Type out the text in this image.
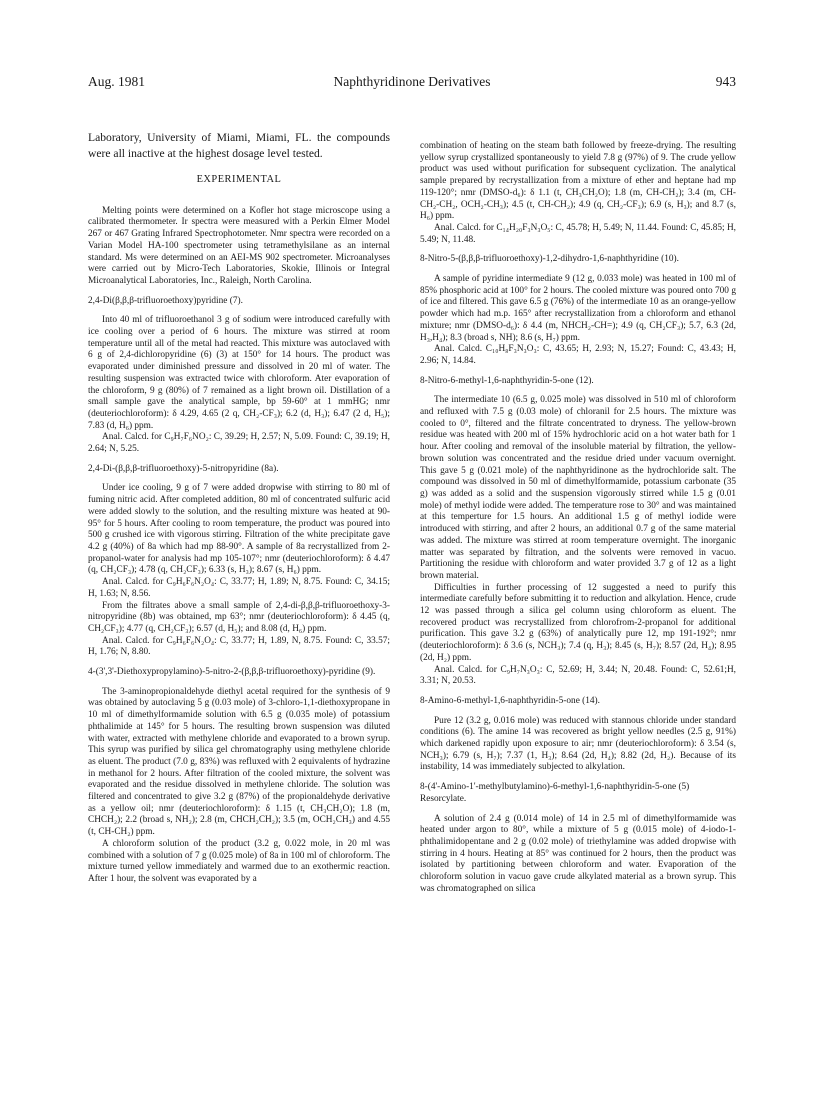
Aug. 1981	Naphthyridinone Derivatives	943
Laboratory, University of Miami, Miami, FL. the compounds were all inactive at the highest dosage level tested.
EXPERIMENTAL

Melting points were determined on a Kofler hot stage microscope using a calibrated thermometer. Ir spectra were measured with a Perkin Elmer Model 267 or 467 Grating Infrared Spectrophotometer. Nmr spectra were recorded on a Varian Model HA-100 spectrometer using tetramethylsilane as an internal standard. Ms were determined on an AEI-MS 902 spectrometer. Microanalyses were carried out by Micro-Tech Laboratories, Skokie, Illinois or Integral Microanalytical Laboratories, Inc., Raleigh, North Carolina.

2,4-Di(β,β,β-trifluoroethoxy)pyridine (7).

Into 40 ml of trifluoroethanol 3 g of sodium were introduced carefully with ice cooling over a period of 6 hours. The mixture was stirred at room temperature until all of the metal had reacted. This mixture was autoclaved with 6 g of 2,4-dichloropyridine (6) (3) at 150° for 14 hours. The product was evaporated under diminished pressure and dissolved in 20 ml of water. The resulting suspension was extracted twice with chloroform. Ater evaporation of the chloroform, 9 g (80%) of 7 remained as a light brown oil. Distillation of a small sample gave the analytical sample, bp 59-60° at 1 mmHG; nmr (deuteriochloroform): δ 4.29, 4.65 (2 q, CH₂-CF₃); 6.2 (d, H₃); 6.47 (2 d, H₅); 7.83 (d, H₆) ppm.

Anal. Calcd. for C₉H₇F₆NO₂: C, 39.29; H, 2.57; N, 5.09. Found: C, 39.19; H, 2.64; N, 5.25.

2,4-Di-(β,β,β-trifluoroethoxy)-5-nitropyridine (8a).

Under ice cooling, 9 g of 7 were added dropwise with stirring to 80 ml of fuming nitric acid. After completed addition, 80 ml of concentrated sulfuric acid were added slowly to the solution, and the resulting mixture was heated at 90-95° for 5 hours. After cooling to room temperature, the product was poured into 500 g crushed ice with vigorous stirring. Filtration of the white precipitate gave 4.2 g (40%) of 8a which had mp 88-90°. A sample of 8a recrystallized from 2-propanol-water for analysis had mp 105-107°; nmr (deuteriochloroform): δ 4.47 (q, CH₂CF₃); 4.78 (q, CH₂CF₃); 6.33 (s, H₃); 8.67 (s, H₆) ppm.

Anal. Calcd. for C₉H₆F₆N₂O₄: C, 33.77; H, 1.89; N, 8.75. Found: C, 34.15; H, 1.63; N, 8.56.

From the filtrates above a small sample of 2,4-di-β,β,β-trifluoroethoxy-3-nitropyridine (8b) was obtained, mp 63°; nmr (deuteriochloroform): δ 4.45 (q, CH₂CF₃); 4.77 (q, CH₂CF₃); 6.57 (d, H₅); and 8.08 (d, H₆) ppm.

Anal. Calcd. for C₉H₆F₆N₂O₄: C, 33.77; H, 1.89, N, 8.75. Found: C, 33.57; H, 1.76; N, 8.80.

4-(3',3'-Diethoxypropylamino)-5-nitro-2-(β,β,β-trifluoroethoxy)-pyridine (9).

The 3-aminopropionaldehyde diethyl acetal required for the synthesis of 9 was obtained by autoclaving 5 g (0.03 mole) of 3-chloro-1,1-diethoxypropane in 10 ml of dimethylformamide solution with 6.5 g (0.035 mole) of potassium phthalimide at 145° for 5 hours. The resulting brown suspension was diluted with water, extracted with methylene chloride and evaporated to a brown syrup. This syrup was purified by silica gel chromatography using methylene chloride as eluent. The product (7.0 g, 83%) was refluxed with 2 equivalents of hydrazine in methanol for 2 hours. After filtration of the cooled mixture, the solvent was evaporated and the residue dissolved in methylene chloride. The solution was filtered and concentrated to give 3.2 g (87%) of the propionaldehyde derivative as a yellow oil; nmr (deuteriochloroform): δ 1.15 (t, CH₃CH₂O); 1.8 (m, CHCH₂); 2.2 (broad s, NH₂); 2.8 (m, CHCH₂CH₂); 3.5 (m, OCH₂CH₃) and 4.55 (t, CH-CH₂) ppm.

A chloroform solution of the product (3.2 g, 0.022 mole, in 20 ml was combined with a solution of 7 g (0.025 mole) of 8a in 100 ml of chloroform. The mixture turned yellow immediately and warmed due to an exothermic reaction. After 1 hour, the solvent was evaporated by a

combination of heating on the steam bath followed by freeze-drying. The resulting yellow syrup crystallized spontaneously to yield 7.8 g (97%) of 9. The crude yellow product was used without purification for subsequent cyclization. The analytical sample prepared by recrystallization from a mixture of ether and heptane had mp 119-120°; nmr (DMSO-d₆): δ 1.1 (t, CH₃CH₂O); 1.8 (m, CH-CH₂); 3.4 (m, CH-CH₂-CH₂, OCH₂-CH₃); 4.5 (t, CH-CH₂); 4.9 (q, CH₂-CF₃); 6.9 (s, H₃); and 8.7 (s, H₆) ppm.

Anal. Calcd. for C₁₄H₂₀F₃N₃O₅: C, 45.78; H, 5.49; N, 11.44. Found: C, 45.85; H, 5.49; N, 11.48.

8-Nitro-5-(β,β,β-trifluoroethoxy)-1,2-dihydro-1,6-naphthyridine (10).

A sample of pyridine intermediate 9 (12 g, 0.033 mole) was heated in 100 ml of 85% phosphoric acid at 100° for 2 hours. The cooled mixture was poured onto 700 g of ice and filtered. This gave 6.5 g (76%) of the intermediate 10 as an orange-yellow powder which had m.p. 165° after recrystallization from a chloroform and ethanol mixture; nmr (DMSO-d₆): δ 4.4 (m, NHCH₂-CH=); 4.9 (q, CH₂CF₃); 5.7, 6.3 (2d, H₃,H₄); 8.3 (broad s, NH); 8.6 (s, H₇) ppm.

Anal. Calcd. C₁₀H₈F₃N₃O₃: C, 43.65; H, 2.93; N, 15.27; Found: C, 43.43; H, 2.96; N, 14.84.

8-Nitro-6-methyl-1,6-naphthyridin-5-one (12).

The intermediate 10 (6.5 g, 0.025 mole) was dissolved in 510 ml of chloroform and refluxed with 7.5 g (0.03 mole) of chloranil for 2.5 hours. The mixture was cooled to 0°, filtered and the filtrate concentrated to dryness. The yellow-brown residue was heated with 200 ml of 15% hydrochloric acid on a hot water bath for 1 hour. After cooling and removal of the insoluble material by filtration, the yellow-brown solution was concentrated and the residue dried under vacuum overnight. This gave 5 g (0.021 mole) of the naphthyridinone as the hydrochloride salt. The compound was dissolved in 50 ml of dimethylformamide, potassium carbonate (35 g) was added as a solid and the suspension vigorously stirred while 1.5 g (0.01 mole) of methyl iodide were added. The temperature rose to 30° and was maintained at this temperture for 1.5 hours. An additional 1.5 g of methyl iodide were introduced with stirring, and after 2 hours, an additional 0.7 g of the same material was added. The mixture was stirred at room temperature overnight. The inorganic matter was separated by filtration, and the solvents were removed in vacuo. Partitioning the residue with chloroform and water provided 3.7 g of 12 as a light brown material.

Difficulties in further processing of 12 suggested a need to purify this intermediate carefully before submitting it to reduction and alkylation. Hence, crude 12 was passed through a silica gel column using chloroform as eluent. The recovered product was recrystallized from chlorofrom-2-propanol for additional purification. This gave 3.2 g (63%) of analytically pure 12, mp 191-192°; nmr (deuteriochloroform): δ 3.6 (s, NCH₃); 7.4 (q, H₃); 8.45 (s, H₇); 8.57 (2d, H₄); 8.95 (2d, H₂) ppm.

Anal. Calcd. for C₉H₇N₃O₃: C, 52.69; H, 3.44; N, 20.48. Found: C, 52.61;H, 3.31; N, 20.53.

8-Amino-6-methyl-1,6-naphthyridin-5-one (14).

Pure 12 (3.2 g, 0.016 mole) was reduced with stannous chloride under standard conditions (6). The amine 14 was recovered as bright yellow needles (2.5 g, 91%) which darkened rapidly upon exposure to air; nmr (deuteriochloroform): δ 3.54 (s, NCH₃); 6.79 (s, H₇); 7.37 (1, H₃); 8.64 (2d, H₄); 8.82 (2d, H₂). Because of its instability, 14 was immediately subjected to alkylation.

8-(4'-Amino-1'-methylbutylamino)-6-methyl-1,6-naphthyridin-5-one (5) Resorcylate.

A solution of 2.4 g (0.014 mole) of 14 in 2.5 ml of dimethylformamide was heated under argon to 80°, while a mixture of 5 g (0.015 mole) of 4-iodo-1-phthalimidopentane and 2 g (0.02 mole) of triethylamine was added dropwise with stirring in 4 hours. Heating at 85° was continued for 2 hours, then the product was isolated by partitioning between chloroform and water. Evaporation of the chloroform solution in vacuo gave crude alkylated material as a brown syrup. This was chromatographed on silica
